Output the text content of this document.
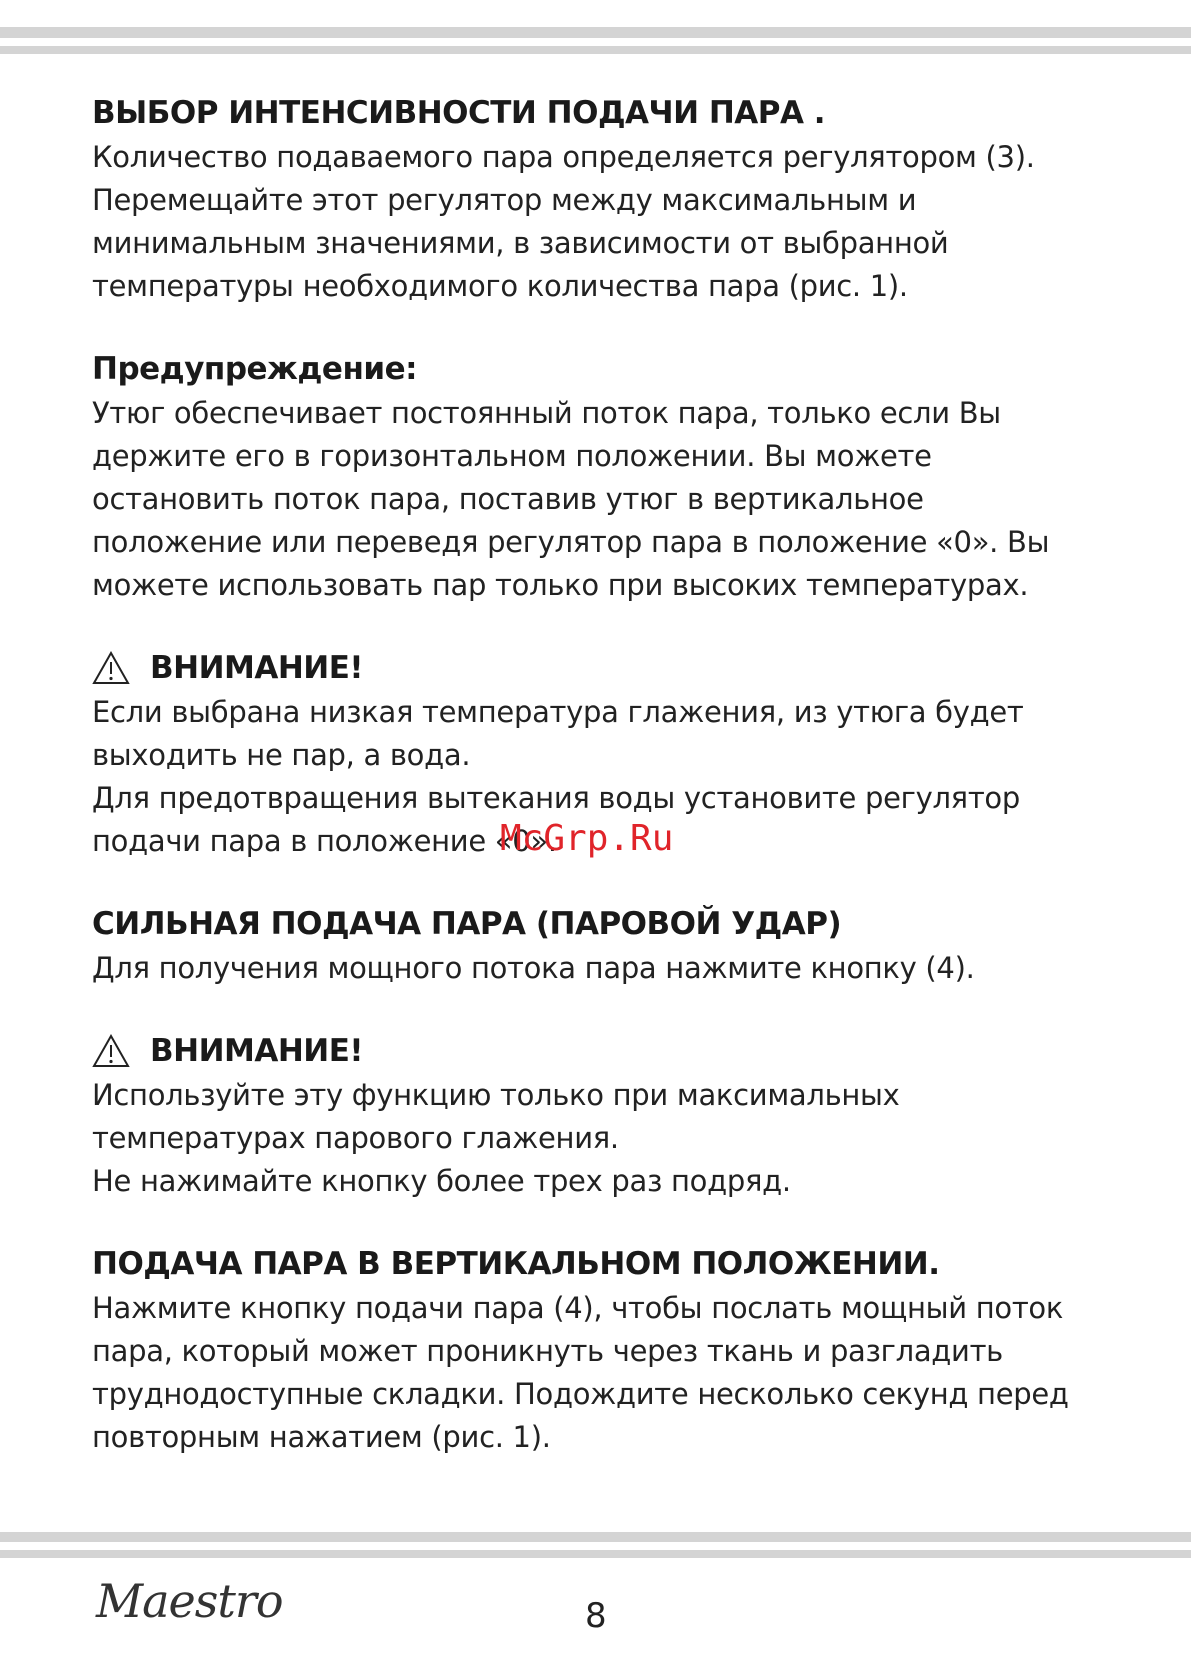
ВЫБОР ИНТЕНСИВНОСТИ ПОДАЧИ ПАРА .
Количество подаваемого пара определяется регулятором (3).
Перемещайте этот регулятор между максимальным и
минимальным значениями, в зависимости от выбранной
температуры необходимого количества пара (рис. 1).
Предупреждение:
Утюг обеспечивает постоянный поток пара, только если Вы
держите его в горизонтальном положении. Вы можете
остановить поток пара, поставив утюг в вертикальное
положение или переведя регулятор пара в положение «0». Вы
можете использовать пар только при высоких температурах.
ВНИМАНИЕ!
Если выбрана низкая температура глажения, из утюга будет
выходить не пар, а вода.
Для предотвращения вытекания воды установите регулятор
подачи пара в положение «0».
СИЛЬНАЯ ПОДАЧА ПАРА (ПАРОВОЙ УДАР)
Для получения мощного потока пара нажмите кнопку (4).
ВНИМАНИЕ!
Используйте эту функцию только при максимальных
температурах парового глажения.
Не нажимайте кнопку более трех раз подряд.
ПОДАЧА ПАРА В ВЕРТИКАЛЬНОМ ПОЛОЖЕНИИ.
Нажмите кнопку подачи пара (4), чтобы послать мощный поток
пара, который может проникнуть через ткань и разгладить
труднодоступные складки. Подождите несколько секунд перед
повторным нажатием (рис. 1).
McGrp.Ru
Maestro	8
